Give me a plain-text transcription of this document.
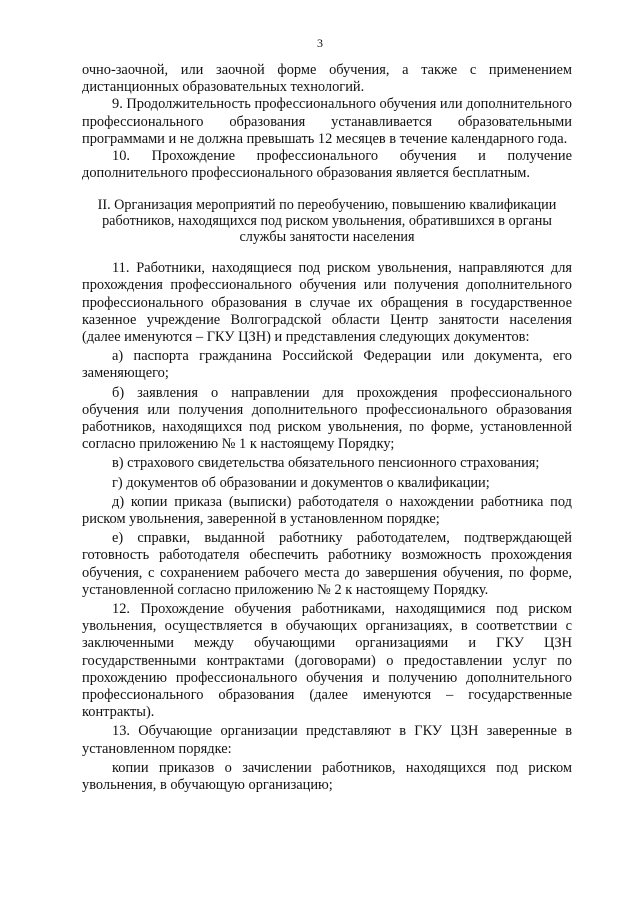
3

очно-заочной, или заочной форме обучения, а также с применением дистанционных образовательных технологий.

9. Продолжительность профессионального обучения или дополнительного профессионального образования устанавливается образовательными программами и не должна превышать 12 месяцев в течение календарного года.

10. Прохождение профессионального обучения и получение дополнительного профессионального образования является бесплатным.

II. Организация мероприятий по переобучению, повышению квалификации работников, находящихся под риском увольнения, обратившихся в органы службы занятости населения

11. Работники, находящиеся под риском увольнения, направляются для прохождения профессионального обучения или получения дополнительного профессионального образования в случае их обращения в государственное казенное учреждение Волгоградской области Центр занятости населения (далее именуются – ГКУ ЦЗН) и представления следующих документов:

а) паспорта гражданина Российской Федерации или документа, его заменяющего;

б) заявления о направлении для прохождения профессионального обучения или получения дополнительного профессионального образования работников, находящихся под риском увольнения, по форме, установленной согласно приложению № 1 к настоящему Порядку;

в) страхового свидетельства обязательного пенсионного страхования;

г) документов об образовании и документов о квалификации;

д) копии приказа (выписки) работодателя о нахождении работника под риском увольнения, заверенной в установленном порядке;

е) справки, выданной работнику работодателем, подтверждающей готовность работодателя обеспечить работнику возможность прохождения обучения, с сохранением рабочего места до завершения обучения, по форме, установленной согласно приложению № 2 к настоящему Порядку.

12. Прохождение обучения работниками, находящимися под риском увольнения, осуществляется в обучающих организациях, в соответствии с заключенными между обучающими организациями и ГКУ ЦЗН государственными контрактами (договорами) о предоставлении услуг по прохождению профессионального обучения и получению дополнительного профессионального образования (далее именуются – государственные контракты).

13. Обучающие организации представляют в ГКУ ЦЗН заверенные в установленном порядке:

копии приказов о зачислении работников, находящихся под риском увольнения, в обучающую организацию;
